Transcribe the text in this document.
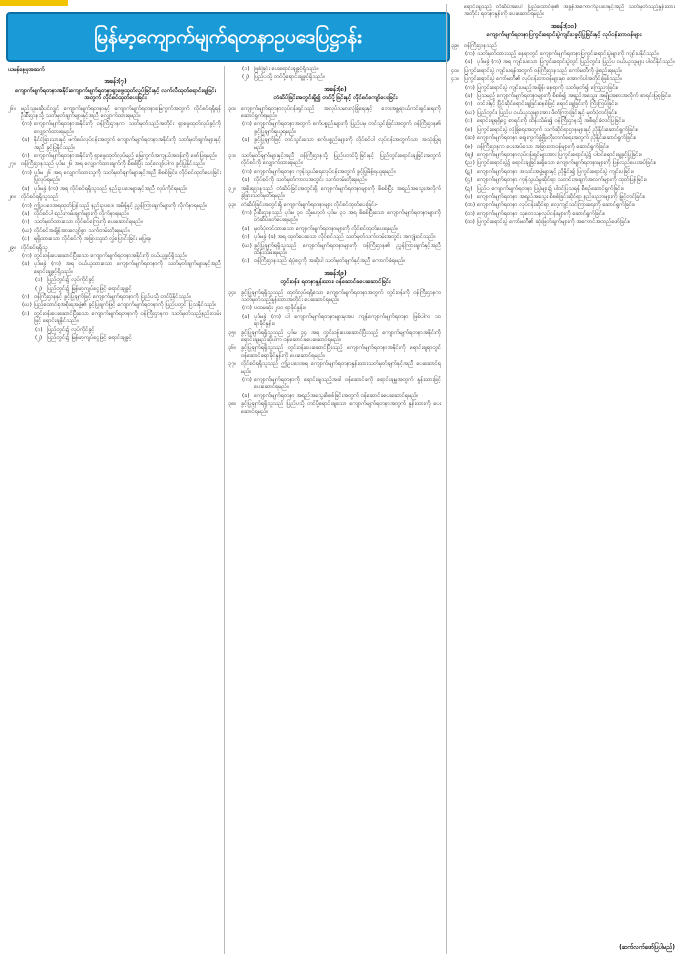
မြန်မာ့ကျောက်မျက်ရတနာဥပဒေပြဋ္ဌာန်း
ယမန်နေ့မှအဆက်
အခန်း(၇)
ကျောက်မျက်ရတနာအနိုင်းကျောက်မျက်ရတနာရှာဖွေထုတ်လုပ်ခြင်းနှင့် လက်လီထုတ်ရောင်းချခြင်းအတွက် လိုင်စင်ထုတ်ပေးခြင်း
၂၆။ မည်သူမဆိုပင်လျှင် ကျောက်မျက်ရတနာနှင့် ကျောက်မျက်ရတနာမြေကွက်အတွက် လိုင်စင်ရရှိရန် ဦးစီးဌာနသို့ သတ်မှတ်ချက်များနှင့်အညီ လျှောက်ထားရမည်။
(က) ကျောက်မျက်ရတနာအနိုင်းကို ဝန်ကြီးဌာနက သတ်မှတ်သည့်အတိုင်း ရှာဖွေထုတ်လုပ်ခွင့်ကို လျှောက်ထားရမည်။
(ခ) နိုင်ငံခြားသားနှင့် ဖက်စပ်လုပ်ငန်းအတွက် ကျောက်မျက်ရတနာအနိုင်းကို သတ်မှတ်ချက်များနှင့်အညီ ခွင့်ပြုနိုင်သည်။
(ဂ) ကျောက်မျက်ရတနာအနိုင်းကို ရှာဖွေထုတ်လုပ်မည့် မြေကွက်အကျယ်အဝန်းကို ဖော်ပြရမည်။
၂၇။ ဝန်ကြီးဌာနသည် ပုဒ်မ ၂၆ အရ လျှောက်ထားချက်ကို စိစစ်ပြီး သင့်လျော်ပါက ခွင့်ပြုနိုင်သည်။
(က) ပုဒ်မ ၂၆ အရ လျှောက်ထားသူကို သတ်မှတ်ချက်များနှင့်အညီ စိစစ်ခြင်း၊ လိုင်စင်ထုတ်ပေးခြင်း ပြုလုပ်ရမည်။
(ခ) ပုဒ်မခွဲ (က) အရ လိုင်စင်ရရှိသူသည် နည်းဥပဒေများနှင့်အညီ လုပ်ကိုင်ရမည်။
၂၈။ လိုင်စင်ရရှိသူသည်
(က) ဤဥပဒေအရထုတ်ပြန်သည့် နည်းဥပဒေ၊ အမိန့်နှင့် ညွှန်ကြားချက်များကို လိုက်နာရမည်။
(ခ) လိုင်စင်ပါ စည်းကမ်းချက်များကို လိုက်နာရမည်။
(ဂ) သတ်မှတ်ထားသော လိုင်စင်ကြေးကို ပေးဆောင်ရမည်။
(ဃ) လိုင်စင်အချိန်အားလျော်စွာ သက်တမ်းတိုးရမည်။
(င) ရရှိထားသော လိုင်စင်ကို အခြားသူထံ လွှဲပြောင်းခြင်း မပြုရ။
၂၉။ လိုင်စင်ရရှိသူ
(က) တွင်းဝန်းပေးဆောင်ပြီးသော ကျောက်မျက်ရတနာအနိုင်းကို ဝယ်ယူခွင့်ရှိသည်။
(ခ) ပုဒ်မခွဲ (က) အရ ဝယ်ယူထားသော ကျောက်မျက်ရတနာကို သတ်မှတ်ချက်များနှင့်အညီ ရောင်းချခွင့်ရှိသည်။
(၁) ပြည်တွင်း၌ လုပ်ကိုင်ခွင့်
(၂) ပြည်တွင်း၌ မြန်မာ့ကျပ်ငွေဖြင့် ရောင်းချခွင့်
(ဂ) ဝန်ကြီးဌာနနှင့် ခွင့်ပြုချက်ဖြင့် ကျောက်မျက်ရတနာကို ပြည်ပသို့ တင်ပို့နိုင်သည်။
(ဃ) ပြည်ထောင်စုအစိုးရအဖွဲ့၏ ခွင့်ပြုချက်ဖြင့် ကျောက်မျက်ရတနာကို ပြည်ပတွင် ပြသနိုင်သည်။
(င) တွင်းဝန်းပေးဆောင်ပြီးသော ကျောက်မျက်ရတနာကို ဝန်ကြီးဌာနက သတ်မှတ်သည့်နည်းလမ်းဖြင့် ရောင်းချနိုင်သည်။
(၁) ပြည်တွင်း၌ လုပ်ကိုင်ခွင့်
(၂) ပြည်တွင်း၌ မြန်မာ့ကျပ်ငွေဖြင့် ရောင်းချခွင့်
(၁) ဖြစ်ခြင်း ပေးရောင်းချခွင့်ရှိသည်။
(၂) ပြည်ပသို့ တင်ပို့ရောင်းချခွင့်ရှိသည်။
အခန်း(၈)
တံဆိပ်ခြင်းအတွင်းရှိ၍ တင်ပို့ခြင်းနှင့် လိုင်စင်ကျော်ပေးခြင်း
၃၀။ ကျောက်မျက်ရတနာလုပ်ငန်းရှင်သည် အလုပ်သမားလုံခြုံရေးနှင့် ဘေးအန္တရာယ်ကင်းရှင်းရေးကို ဆောင်ရွက်ရမည်။
(က) ကျောက်မျက်ရတနာအတွက် စက်ပစ္စည်းများကို ပြည်ပမှ တင်သွင်းခြင်းအတွက် ဝန်ကြီးဌာန၏ ခွင့်ပြုချက်ရယူရမည်။
(ခ) ခွင့်ပြုချက်ဖြင့် တင်သွင်းသော စက်ပစ္စည်းများကို လိုင်စင်ပါ လုပ်ငန်းအတွက်သာ အသုံးပြုရမည်။
၃၁။ သတ်မှတ်ချက်များနှင့်အညီ ဝန်ကြီးဌာနသို့ ပြည်ပတင်ပို့ခြင်းနှင့် ပြည်တွင်းရောင်းချခြင်းအတွက် လိုင်စင်ကို လျှောက်ထားရမည်။
(က) ကျောက်မျက်ရတနာ ကုန်သွယ်ရေးလုပ်ငန်းအတွက် ခွင့်ပြုမိန့်ရယူရမည်။
(ခ) လိုင်စင်ကို သတ်မှတ်ကာလအတွင်း သက်တမ်းတိုးရမည်။
၃၂။ အစိုးရဌာနသည် တံဆိပ်ခြင်းအတွင်းရှိ ကျောက်မျက်ရတနာများကို စိစစ်ပြီး အရည်အသွေးအလိုက် ခွဲခြားသတ်မှတ်ရမည်။
၃၃။ တံဆိပ်ခြင်းအတွင်းရှိ ကျောက်မျက်ရတနာများ လိုင်စင်ထုတ်ပေးခြင်း-
(က) ဦးစီးဌာနသည် ပုဒ်မ ၃၀ သို့မဟုတ် ပုဒ်မ ၃၁ အရ စိစစ်ပြီးသော ကျောက်မျက်ရတနာများကို တံဆိပ်ခတ်ပေးရမည်။
(ခ) မှတ်ပုံတင်ထားသော ကျောက်မျက်ရတနာများကို လိုင်စင်ထုတ်ပေးရမည်။
(ဂ) ပုဒ်မခွဲ (ခ) အရ ထုတ်ပေးသော လိုင်စင်သည် သတ်မှတ်သက်တမ်းအတွင်း အကျုံးဝင်သည်။
(ဃ) ခွင့်ပြုချက်ရရှိသူသည် ကျောက်မျက်ရတနာများကို ဝန်ကြီးဌာန၏ ညွှန်ကြားချက်နှင့်အညီ ထိန်းသိမ်းရမည်။
(င) ဝန်ကြီးဌာနသည် ရံပုံငွေကို အဆိုပါ သတ်မှတ်ချက်နှင့်အညီ ကောက်ခံရမည်။
အခန်း(၉)
တွင်းဝန်း၊ ရတနာနှုန်းထား၊ ဝန်ဆောင်ခပေးဆောင်ခြင်း
၃၄။ ခွင့်ပြုချက်ရရှိသူသည် ထုတ်လုပ်ရရှိသော ကျောက်မျက်ရတနာအတွက် တွင်းဝန်းကို ဝန်ကြီးဌာနက သတ်မှတ်သည့်နှုန်းထားအတိုင်း ပေးဆောင်ရမည်။
(က) ပထမဆုံး ၂၀၀ ရာခိုင်နှုန်း။
(ခ) ပုဒ်မခွဲ (က) ပါ ကျောက်မျက်ရတနာများမှအပ ကျန်ကျောက်မျက်ရတနာ ဖြစ်ပါက ၁၀ ရာခိုင်နှုန်း။
၃၅။ ခွင့်ပြုချက်ရရှိသူသည် ပုဒ်မ ၃၄ အရ တွင်းဝန်းပေးဆောင်ပြီးသည့် ကျောက်မျက်ရတနာအနိုင်းကို ရောင်းချမည်ဆိုပါက ဝန်ဆောင်ခပေးဆောင်ရမည်။
၃၆။ ခွင့်ပြုချက်ရရှိသူသည် တွင်းဝန်းပေးဆောင်ပြီးသည့် ကျောက်မျက်ရတနာအနိုင်းကို ရောင်းချရာတွင် ဝန်ဆောင်ခရာခိုင်နှုန်းကို ပေးဆောင်ရမည်။
၃၇။ လိုင်စင်ရရှိသူသည် ဤဥပဒေအရ ကျောက်မျက်ရတနာနှုန်းထားသတ်မှတ်ချက်နှင့်အညီ ပေးဆောင်ရမည်။
(က) ကျောက်မျက်ရတနာကို ရောင်းချသည့်အခါ ဝန်ဆောင်ခကို ရောင်းချမှုအတွက် နှုန်းထားဖြင့် ပေးဆောင်ရမည်။
(ခ) ကျောက်မျက်ရတနာ အရည်အသွေးစိစစ်ခြင်းအတွက် ဝန်ဆောင်ခပေးဆောင်ရမည်။
၃၈။ ခွင့်ပြုချက်ရရှိသူသည် ပြည်ပသို့ တင်ပို့ရောင်းချသော ကျောက်မျက်ရတနာအတွက် နှုန်းထားကို ပေးဆောင်ရမည်။
ရောင်းချသည့် တံဆိပ်အပေါ် ပြည်ထောင်စု၏ အခွန်အကောက်ဥပဒေနှင့်အညီ သတ်မှတ်သည့်နှုန်းထားအတိုင်း ရတနာနှုန်းကို ပေးဆောင်ရမည်။
အခန်း(၁၀)
ကျောက်မျက်ရတနာပြကွင်းရောင်းပွဲကျင်းပခွင့်ပြုခြင်းနှင့် လုပ်ငန်းတာဝန်များ
၃၉။ ဝန်ကြီးဌာနသည်
(က) သတ်မှတ်ထားသည့် နေရာတွင် ကျောက်မျက်ရတနာပြကွင်းရောင်းပွဲများကို ကျင်းပနိုင်သည်။
(ခ) ပုဒ်မခွဲ (က) အရ ကျင်းပသော ပြကွင်းရောင်းပွဲတွင် ပြည်တွင်း၊ ပြည်ပ ဝယ်ယူသူများ ပါဝင်နိုင်သည်။
၄၀။ ပြကွင်းရောင်းပွဲ ကျင်းပရန်အတွက် ဝန်ကြီးဌာနသည် ကော်မတီကို ဖွဲ့စည်းရမည်။
၄၁။ ပြကွင်းရောင်းပွဲ ကော်မတီ၏ လုပ်ငန်းတာဝန်များမှာ အောက်ပါအတိုင်းဖြစ်သည်။
(က) ပြကွင်းရောင်းပွဲ ကျင်းပမည့်အချိန်၊ နေရာကို သတ်မှတ်၍ ကြေညာခြင်း။
(ခ) ပြသမည့် ကျောက်မျက်ရတနာများကို စိစစ်၍ အရည်အသွေး၊ အမျိုးအစားအလိုက် စာရင်းပြုစုခြင်း။
(ဂ) တင်ဒါနှင့် ပြိုင်ဆိုင်ရောင်းချခြင်းစနစ်ဖြင့် ရောင်းချခြင်းကို ကြီးကြပ်ခြင်း။
(ဃ) ပြည်တွင်း၊ ပြည်ပ ဝယ်ယူသူများအား ဖိတ်ကြားခြင်းနှင့် မှတ်ပုံတင်ခြင်း။
(င) ရောင်းချရရှိငွေ စာရင်းကို ထိန်းသိမ်း၍ ဝန်ကြီးဌာနသို့ အစီရင်ခံတင်ပြခြင်း။
(စ) ပြကွင်းရောင်းပွဲ လုံခြုံရေးအတွက် သက်ဆိုင်ရာဌာနများနှင့် ညှိနှိုင်းဆောင်ရွက်ခြင်း။
(ဆ) ကျောက်မျက်ရတနာ ဈေးကွက်ဖွံ့ဖြိုးတိုးတက်ရေးအတွက် ညှိနှိုင်းဆောင်ရွက်ခြင်း။
(ဇ) ဝန်ကြီးဌာနက ပေးအပ်သော အခြားတာဝန်များကို ဆောင်ရွက်ခြင်း။
(စျ) ကျောက်မျက်ရတနာလုပ်ငန်းရှင်များအား ပြကွင်းရောင်းပွဲ၌ ပါဝင်ရောင်းချခွင့်ပြုခြင်း။
(ည) ပြကွင်းရောင်းပွဲ၌ ရောင်းချခြင်းမရှိသော ကျောက်မျက်ရတနာများကို ပြန်လည်ပေးအပ်ခြင်း။
(ဋ) ကျောက်မျက်ရတနာ အသင်းအဖွဲ့များနှင့် ညှိနှိုင်း၍ ပြကွင်းရောင်းပွဲ ကျင်းပခြင်း။
(ဌ) ကျောက်မျက်ရတနာ ကုန်သွယ်မှုဆိုင်ရာ သတင်းအချက်အလက်များကို ထုတ်ပြန်ခြင်း။
(ဍ) ပြည်ပ ကျောက်မျက်ရတနာ ပြပွဲများ၌ ပါဝင်ပြသရန် စီစဉ်ဆောင်ရွက်ခြင်း။
(ဎ) ကျောက်မျက်ရတနာ အရည်အသွေး စိစစ်ခြင်းဆိုင်ရာ နည်းပညာများကို မြှင့်တင်ခြင်း။
(ဏ) ကျောက်မျက်ရတနာ လုပ်ငန်းဆိုင်ရာ လေ့ကျင့်သင်ကြားရေးကို ဆောင်ရွက်ခြင်း။
(တ) ကျောက်မျက်ရတနာ သုတေသနလုပ်ငန်းများကို ဆောင်ရွက်ခြင်း။
(ထ) ပြကွင်းရောင်းပွဲ ကော်မတီ၏ ဆုံးဖြတ်ချက်များကို အကောင်အထည်ဖော်ခြင်း။
(ဆက်လက်ဖော်ပြပါမည်)
